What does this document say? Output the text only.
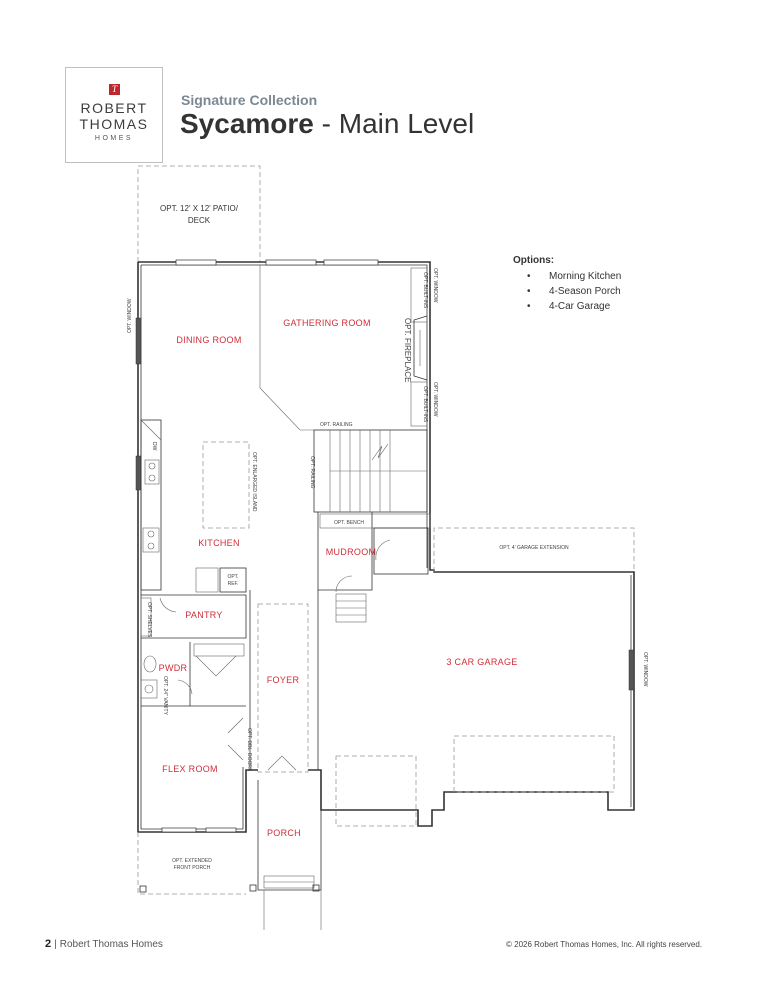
T
ROBERT
THOMAS
HOMES
Signature Collection
Sycamore - Main Level
Options:
• Morning Kitchen
• 4-Season Porch
• 4-Car Garage
OPT. 12' X 12' PATIO/
DECK
OPT. FIREPLACE
OPT. WINDOW
OPT. BUILT-INS
OPT. WINDOW
OPT. BUILT-INS
OPT. RAILING
OPT. RAILING
DW
OPT. ENLARGED ISLAND
OPT.
REF.
OPT. SHELVES
OPT. 24" VANITY
OPT. DBL. DOORS
OPT. BENCH
OPT. 4' GARAGE EXTENSION
OPT. WINDOW
OPT. WINDOW
OPT. EXTENDED
FRONT PORCH
DINING ROOM
GATHERING ROOM
KITCHEN
MUDROOM
PANTRY
PWDR
FOYER
3 CAR GARAGE
FLEX ROOM
PORCH
2 | Robert Thomas Homes	© 2026 Robert Thomas Homes, Inc. All rights reserved.
